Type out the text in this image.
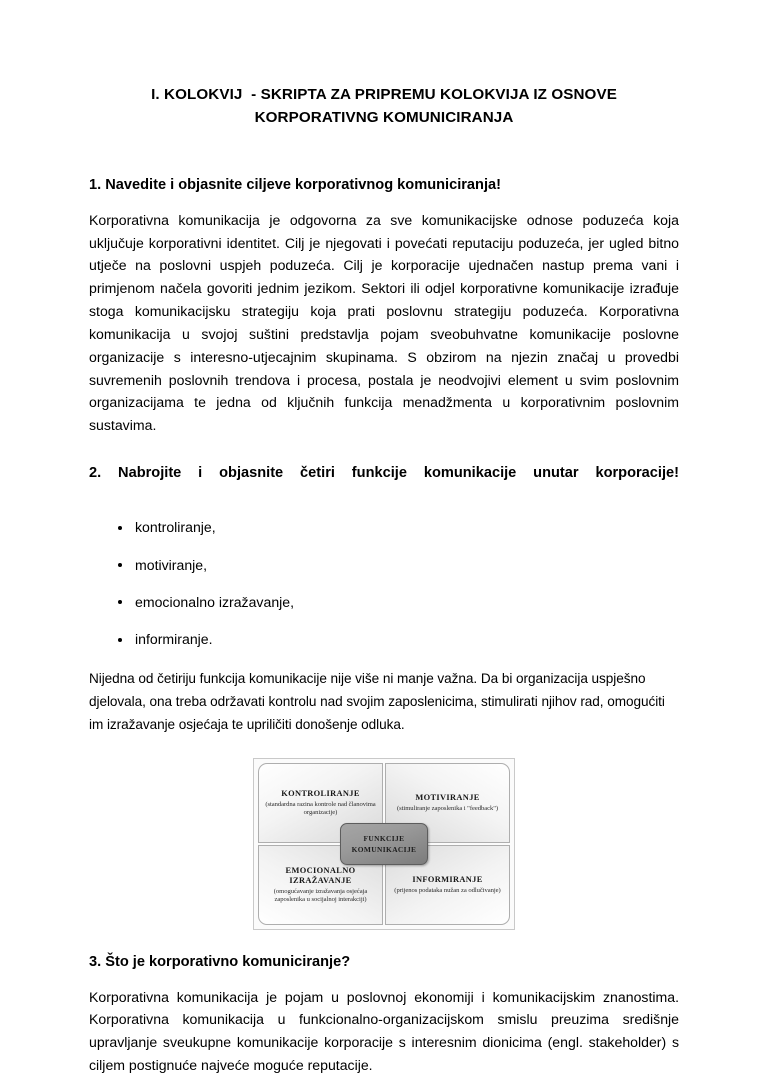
I. KOLOKVIJ  - SKRIPTA ZA PRIPREMU KOLOKVIJA IZ OSNOVE KORPORATIVNG KOMUNICIRANJA
1. Navedite i objasnite ciljeve korporativnog komuniciranja!

Korporativna komunikacija je odgovorna za sve komunikacijske odnose poduzeća koja uključuje korporativni identitet. Cilj je njegovati i povećati reputaciju poduzeća, jer ugled bitno utječe na poslovni uspjeh poduzeća. Cilj je korporacije ujednačen nastup prema vani i primjenom načela govoriti jednim jezikom. Sektori ili odjel korporativne komunikacije izrađuje stoga komunikacijsku strategiju koja prati poslovnu strategiju poduzeća. Korporativna komunikacija u svojoj suštini predstavlja pojam sveobuhvatne komunikacije poslovne organizacije s interesno-utjecajnim skupinama. S obzirom na njezin značaj u provedbi suvremenih poslovnih trendova i procesa, postala je neodvojivi element u svim poslovnim organizacijama te jedna od ključnih funkcija menadžmenta u korporativnim poslovnim sustavima.

2. Nabrojite i objasnite četiri funkcije komunikacije unutar korporacije!
kontroliranje,
motiviranje,
emocionalno izražavanje,
informiranje.

Nijedna od četiriju funkcija komunikacije nije više ni manje važna. Da bi organizacija uspješno djelovala, ona treba održavati kontrolu nad svojim zaposlenicima, stimulirati njihov rad, omogućiti im izražavanje osjećaja te upriličiti donošenje odluka.

KONTROLIRANJE
(standardna razina kontrole nad članovima organizacije)
MOTIVIRANJE
(stimuliranje zaposlenika i "feedback")
EMOCIONALNO IZRAŽAVANJE
(omogućavanje izražavanja osjećaja zaposlenika u socijalnoj interakciji)
INFORMIRANJE
(prijenos podataka nužan za odlučivanje)
FUNKCIJE
KOMUNIKACIJE
3. Što je korporativno komuniciranje?

Korporativna komunikacija je pojam u poslovnoj ekonomiji i komunikacijskim znanostima. Korporativna komunikacija u funkcionalno-organizacijskom smislu preuzima središnje upravljanje sveukupne komunikacije korporacije s interesnim dionicima (engl. stakeholder) s ciljem postignuće najveće moguće reputacije.
